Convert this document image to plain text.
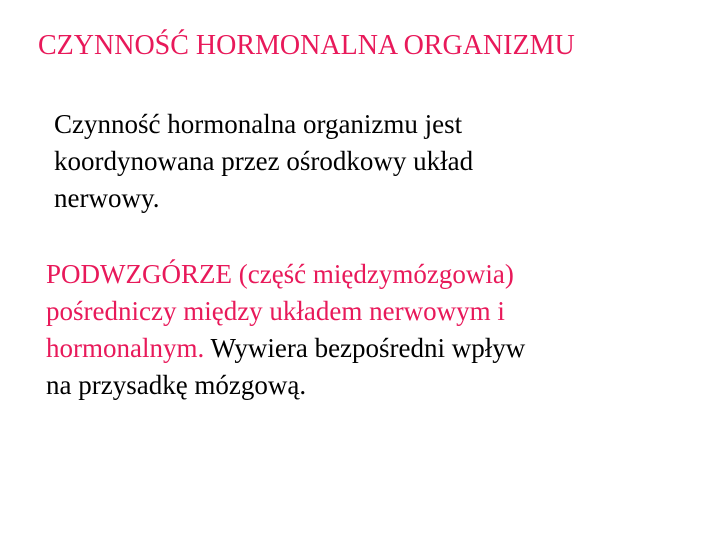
CZYNNOŚĆ HORMONALNA ORGANIZMU
Czynność hormonalna organizmu jest
koordynowana przez ośrodkowy układ
nerwowy.
PODWZGÓRZE (część międzymózgowia)
pośredniczy między układem nerwowym i
hormonalnym. Wywiera bezpośredni wpływ
na przysadkę mózgową.
